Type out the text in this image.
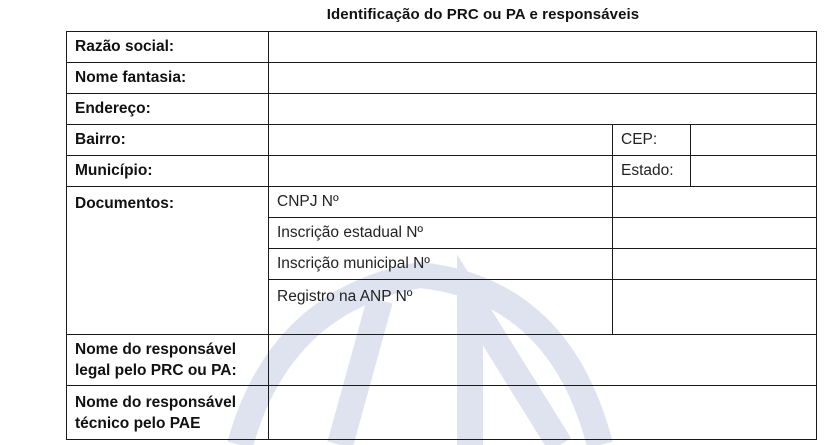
Identificação do PRC ou PA e responsáveis
Razão social:			
Nome fantasia:			
Endereço:			
Bairro:		CEP:	
Município:		Estado:	
Documentos:	CNPJ Nº		
	Inscrição estadual Nº		
	Inscrição municipal Nº		
	Registro na ANP Nº		
Nome do responsável
legal pelo PRC ou PA:			
Nome do responsável
técnico pelo PAE			
